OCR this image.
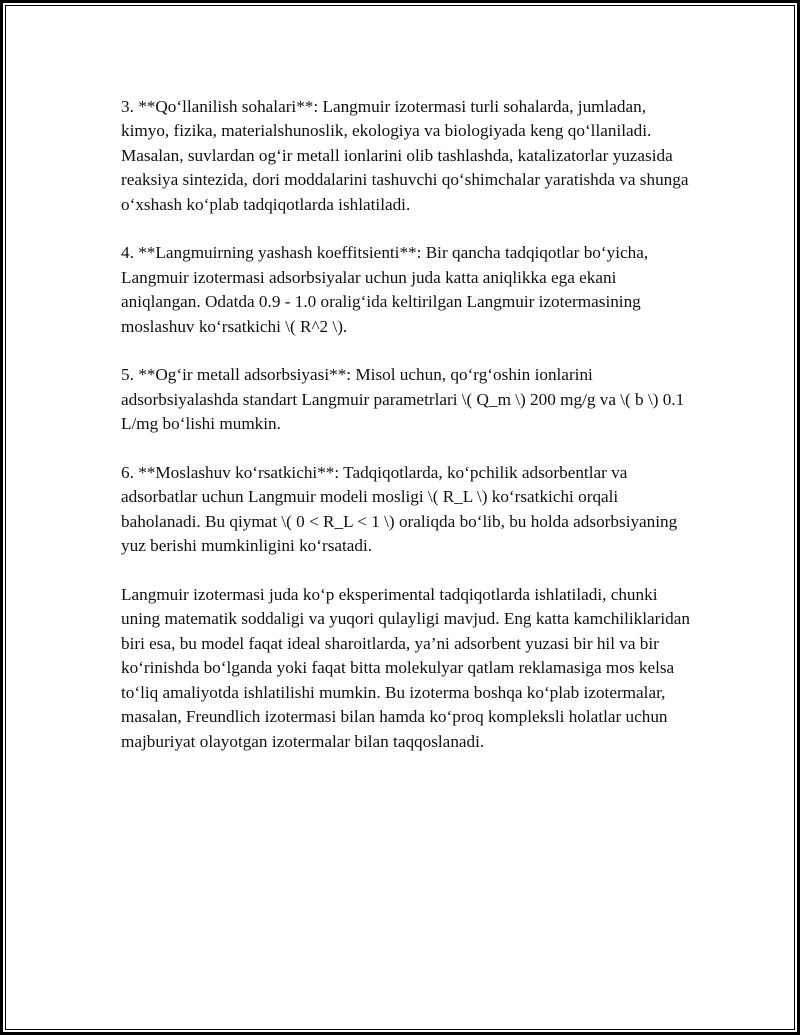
3. **Qo‘llanilish sohalari**: Langmuir izotermasi turli sohalarda, jumladan, kimyo, fizika, materialshunoslik, ekologiya va biologiyada keng qo‘llaniladi. Masalan, suvlardan og‘ir metall ionlarini olib tashlashda, katalizatorlar yuzasida reaksiya sintezida, dori moddalarini tashuvchi qo‘shimchalar yaratishda va shunga o‘xshash ko‘plab tadqiqotlarda ishlatiladi.

4. **Langmuirning yashash koeffitsienti**: Bir qancha tadqiqotlar bo‘yicha, Langmuir izotermasi adsorbsiyalar uchun juda katta aniqlikka ega ekani aniqlangan. Odatda 0.9 - 1.0 oralig‘ida keltirilgan Langmuir izotermasining moslashuv ko‘rsatkichi \( R^2 \).

5. **Og‘ir metall adsorbsiyasi**: Misol uchun, qo‘rg‘oshin ionlarini adsorbsiyalashda standart Langmuir parametrlari \( Q_m \) 200 mg/g va \( b \) 0.1 L/mg bo‘lishi mumkin.

6. **Moslashuv ko‘rsatkichi**: Tadqiqotlarda, ko‘pchilik adsorbentlar va adsorbatlar uchun Langmuir modeli mosligi \( R_L \) ko‘rsatkichi orqali baholanadi. Bu qiymat \( 0 < R_L < 1 \) oraliqda bo‘lib, bu holda adsorbsiyaning yuz berishi mumkinligini ko‘rsatadi.

Langmuir izotermasi juda ko‘p eksperimental tadqiqotlarda ishlatiladi, chunki uning matematik soddaligi va yuqori qulayligi mavjud. Eng katta kamchiliklaridan biri esa, bu model faqat ideal sharoitlarda, ya’ni adsorbent yuzasi bir hil va bir ko‘rinishda bo‘lganda yoki faqat bitta molekulyar qatlam reklamasiga mos kelsa to‘liq amaliyotda ishlatilishi mumkin. Bu izoterma boshqa ko‘plab izotermalar, masalan, Freundlich izotermasi bilan hamda ko‘proq kompleksli holatlar uchun majburiyat olayotgan izotermalar bilan taqqoslanadi.
